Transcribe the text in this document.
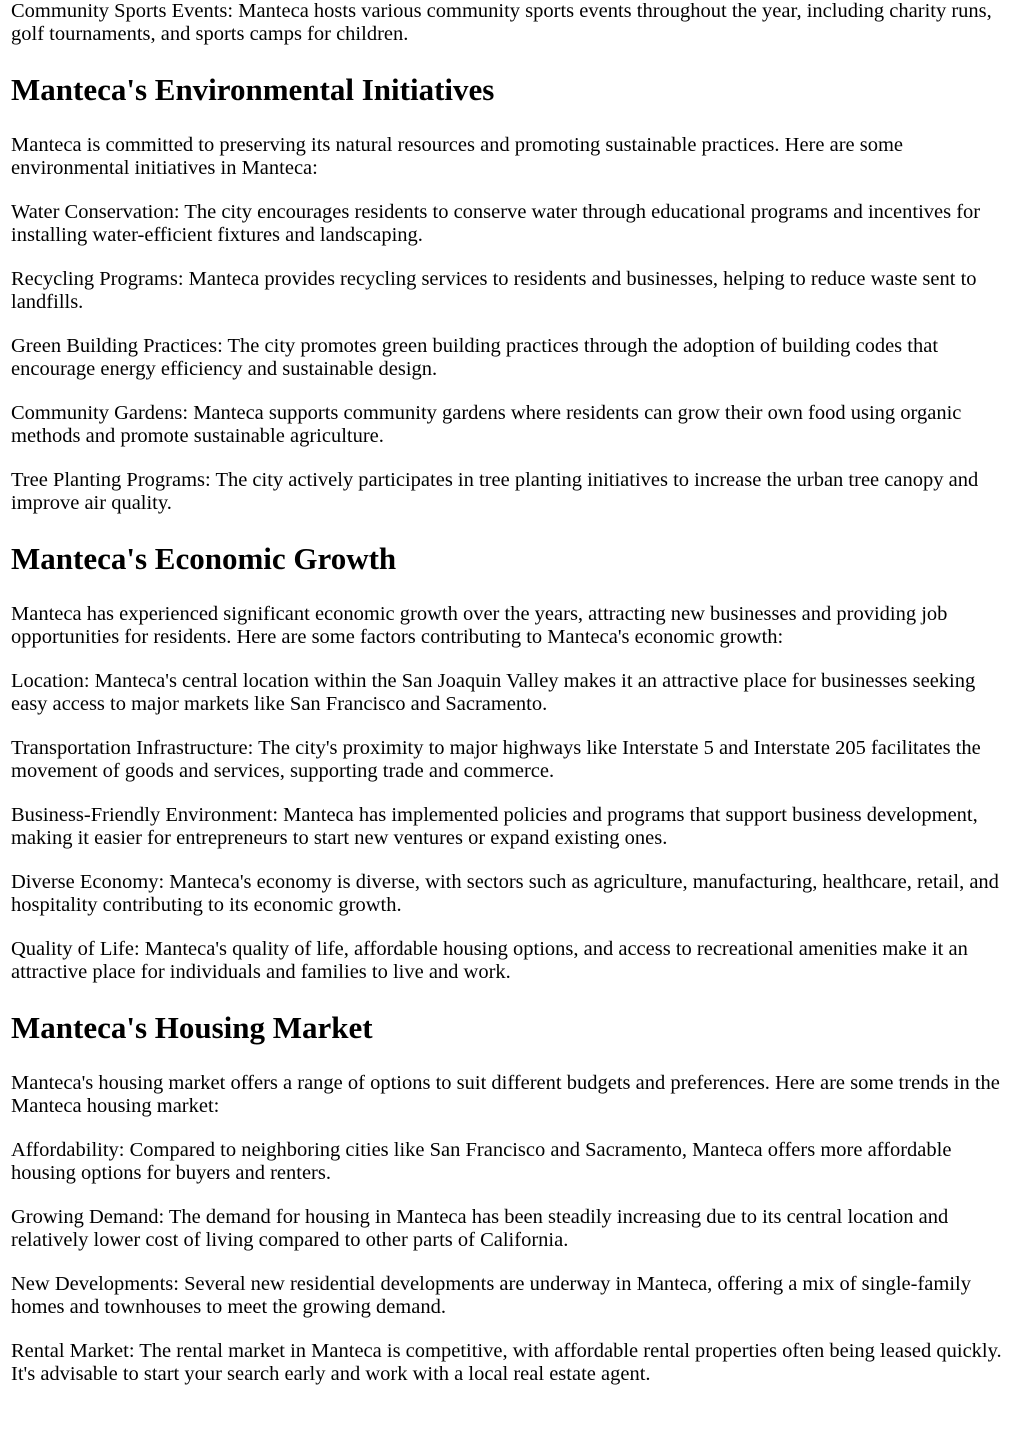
Community Sports Events: Manteca hosts various community sports events throughout the year, including charity runs, golf tournaments, and sports camps for children.

Manteca's Environmental Initiatives

Manteca is committed to preserving its natural resources and promoting sustainable practices. Here are some environmental initiatives in Manteca:

Water Conservation: The city encourages residents to conserve water through educational programs and incentives for installing water-efficient fixtures and landscaping.

Recycling Programs: Manteca provides recycling services to residents and businesses, helping to reduce waste sent to landfills.

Green Building Practices: The city promotes green building practices through the adoption of building codes that encourage energy efficiency and sustainable design.

Community Gardens: Manteca supports community gardens where residents can grow their own food using organic methods and promote sustainable agriculture.

Tree Planting Programs: The city actively participates in tree planting initiatives to increase the urban tree canopy and improve air quality.

Manteca's Economic Growth

Manteca has experienced significant economic growth over the years, attracting new businesses and providing job opportunities for residents. Here are some factors contributing to Manteca's economic growth:

Location: Manteca's central location within the San Joaquin Valley makes it an attractive place for businesses seeking easy access to major markets like San Francisco and Sacramento.

Transportation Infrastructure: The city's proximity to major highways like Interstate 5 and Interstate 205 facilitates the movement of goods and services, supporting trade and commerce.

Business-Friendly Environment: Manteca has implemented policies and programs that support business development, making it easier for entrepreneurs to start new ventures or expand existing ones.

Diverse Economy: Manteca's economy is diverse, with sectors such as agriculture, manufacturing, healthcare, retail, and hospitality contributing to its economic growth.

Quality of Life: Manteca's quality of life, affordable housing options, and access to recreational amenities make it an attractive place for individuals and families to live and work.

Manteca's Housing Market

Manteca's housing market offers a range of options to suit different budgets and preferences. Here are some trends in the Manteca housing market:

Affordability: Compared to neighboring cities like San Francisco and Sacramento, Manteca offers more affordable housing options for buyers and renters.

Growing Demand: The demand for housing in Manteca has been steadily increasing due to its central location and relatively lower cost of living compared to other parts of California.

New Developments: Several new residential developments are underway in Manteca, offering a mix of single-family homes and townhouses to meet the growing demand.

Rental Market: The rental market in Manteca is competitive, with affordable rental properties often being leased quickly. It's advisable to start your search early and work with a local real estate agent.
